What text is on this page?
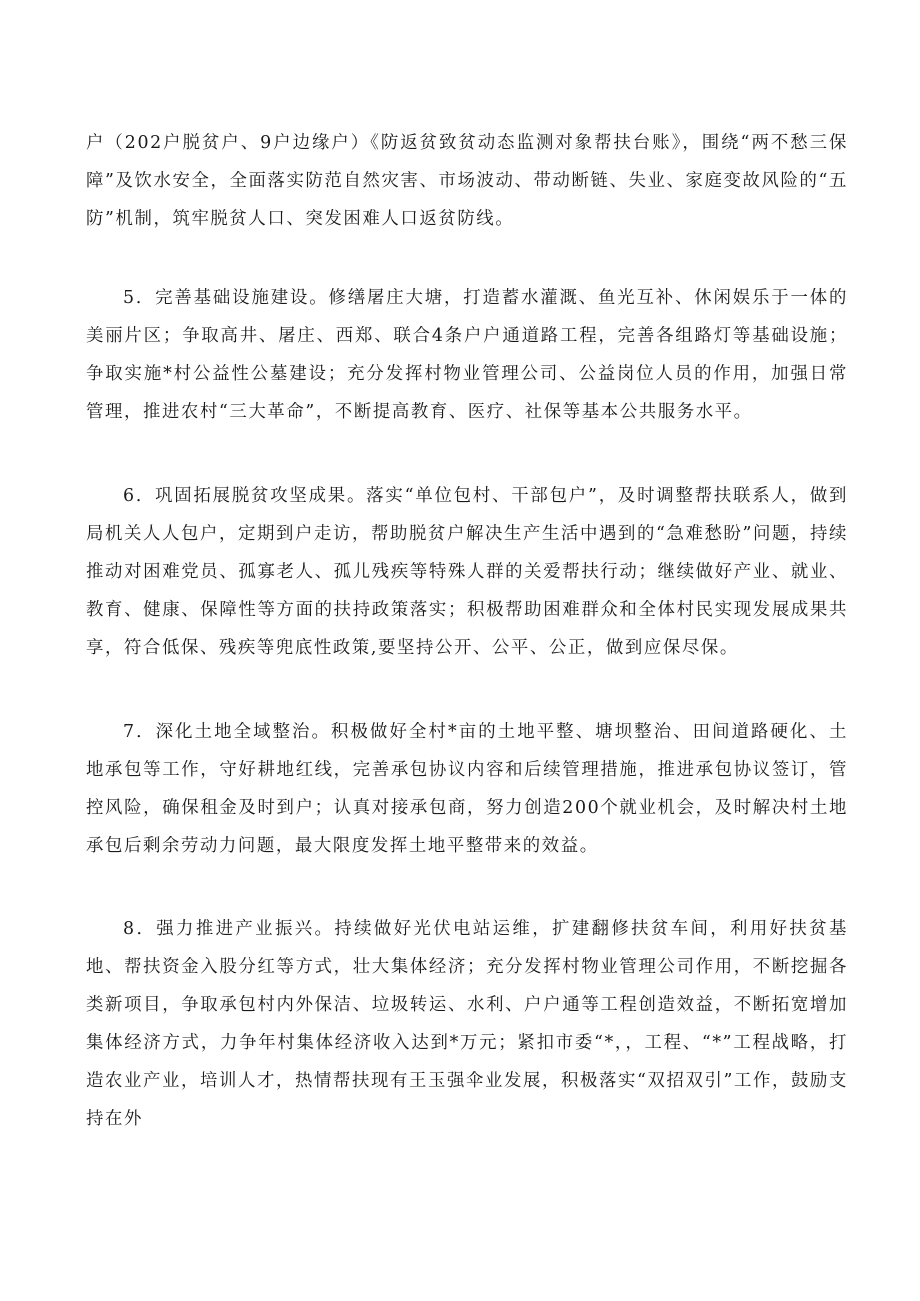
户（202户脱贫户、9户边缘户）《防返贫致贫动态监测对象帮扶台账》，围绕“两不愁三保障”及饮水安全，全面落实防范自然灾害、市场波动、带动断链、失业、家庭变故风险的“五防”机制，筑牢脱贫人口、突发困难人口返贫防线。

5．完善基础设施建设。修缮屠庄大塘，打造蓄水灌溉、鱼光互补、休闲娱乐于一体的美丽片区；争取高井、屠庄、西郑、联合4条户户通道路工程，完善各组路灯等基础设施；争取实施*村公益性公墓建设；充分发挥村物业管理公司、公益岗位人员的作用，加强日常管理，推进农村“三大革命”，不断提高教育、医疗、社保等基本公共服务水平。

6．巩固拓展脱贫攻坚成果。落实“单位包村、干部包户”，及时调整帮扶联系人，做到局机关人人包户，定期到户走访，帮助脱贫户解决生产生活中遇到的“急难愁盼”问题，持续推动对困难党员、孤寡老人、孤儿残疾等特殊人群的关爱帮扶行动；继续做好产业、就业、教育、健康、保障性等方面的扶持政策落实；积极帮助困难群众和全体村民实现发展成果共享，符合低保、残疾等兜底性政策,要坚持公开、公平、公正，做到应保尽保。

7．深化土地全域整治。积极做好全村*亩的土地平整、塘坝整治、田间道路硬化、土地承包等工作，守好耕地红线，完善承包协议内容和后续管理措施，推进承包协议签订，管控风险，确保租金及时到户；认真对接承包商，努力创造200个就业机会，及时解决村土地承包后剩余劳动力问题，最大限度发挥土地平整带来的效益。

8．强力推进产业振兴。持续做好光伏电站运维，扩建翻修扶贫车间，利用好扶贫基地、帮扶资金入股分红等方式，壮大集体经济；充分发挥村物业管理公司作用，不断挖掘各类新项目，争取承包村内外保洁、垃圾转运、水利、户户通等工程创造效益，不断拓宽增加集体经济方式，力争年村集体经济收入达到*万元；紧扣市委“*，，工程、“*”工程战略，打造农业产业，培训人才，热情帮扶现有王玉强伞业发展，积极落实“双招双引”工作，鼓励支持在外
